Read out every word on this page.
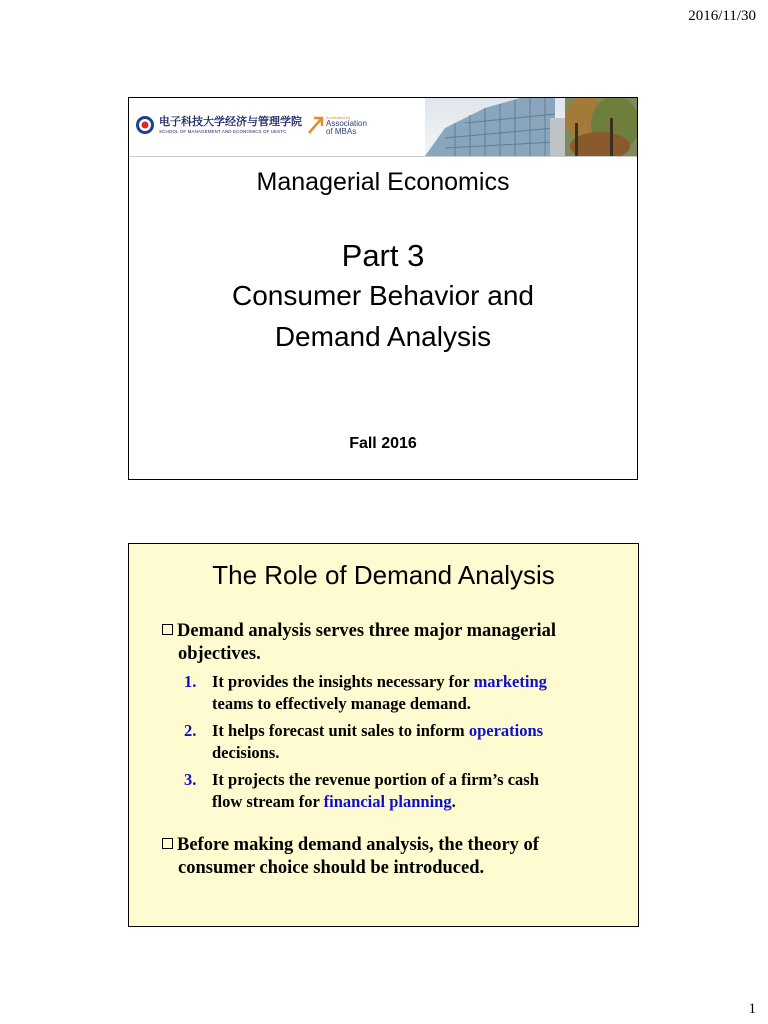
2016/11/30
电子科技大学经济与管理学院
SCHOOL OF MANAGEMENT AND ECONOMICS OF UESTC
Accredited by
Association
of MBAs
Managerial Economics
Part 3
Consumer Behavior and
Demand Analysis
Fall 2016
The Role of Demand Analysis
Demand analysis serves three major managerial
objectives.
1. It provides the insights necessary for marketing
teams to effectively manage demand.
2. It helps forecast unit sales to inform operations
decisions.
3. It projects the revenue portion of a firm’s cash
flow stream for financial planning.
Before making demand analysis, the theory of
consumer choice should be introduced.
1
